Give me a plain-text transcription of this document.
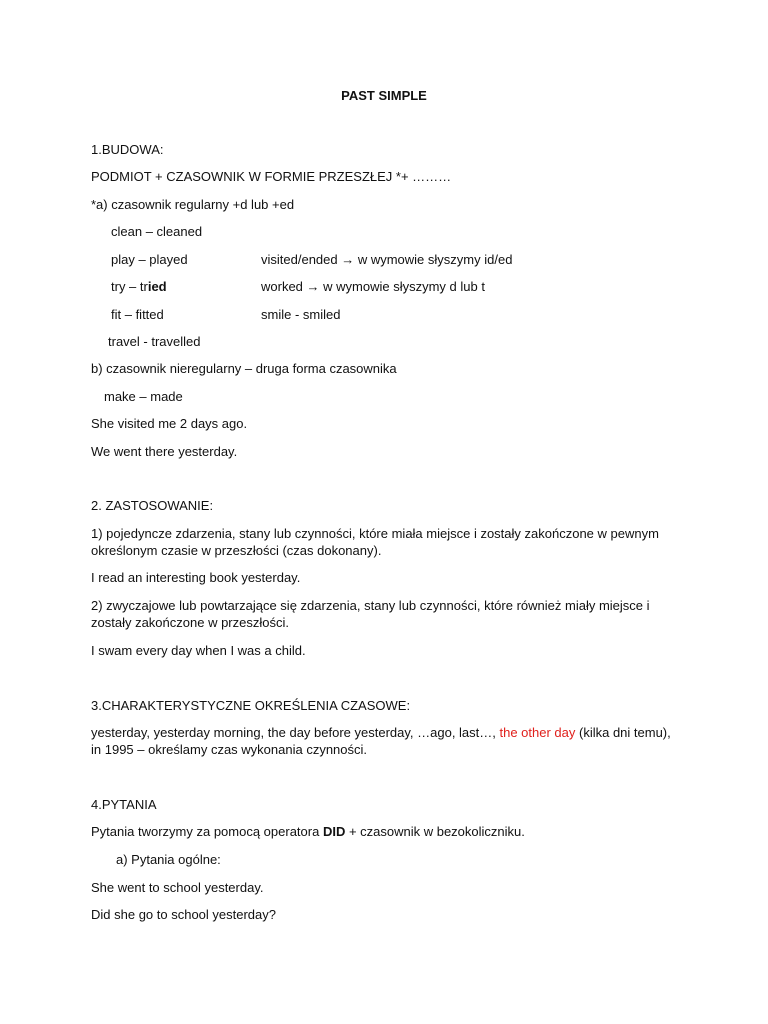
PAST SIMPLE
1.BUDOWA:
PODMIOT + CZASOWNIK W FORMIE PRZESZŁEJ *+ ………
*a) czasownik regularny +d lub +ed
clean – cleaned
play – played	visited/ended → w wymowie słyszymy id/ed
try – tried	worked → w wymowie słyszymy d lub t
fit – fitted	smile - smiled
travel - travelled
b) czasownik nieregularny – druga forma czasownika
make – made
She visited me 2 days ago.
We went there yesterday.
2. ZASTOSOWANIE:
1) pojedyncze zdarzenia, stany lub czynności, które miała miejsce i zostały zakończone w pewnym
określonym czasie w przeszłości (czas dokonany).
I read an interesting book yesterday.
2) zwyczajowe lub powtarzające się zdarzenia, stany lub czynności, które również miały miejsce i
zostały zakończone w przeszłości.
I swam every day when I was a child.
3.CHARAKTERYSTYCZNE OKREŚLENIA CZASOWE:
yesterday, yesterday morning, the day before yesterday, …ago, last…, the other day (kilka dni temu),
in 1995 – określamy czas wykonania czynności.
4.PYTANIA
Pytania tworzymy za pomocą operatora DID + czasownik w bezokoliczniku.
a) Pytania ogólne:
She went to school yesterday.
Did she go to school yesterday?
